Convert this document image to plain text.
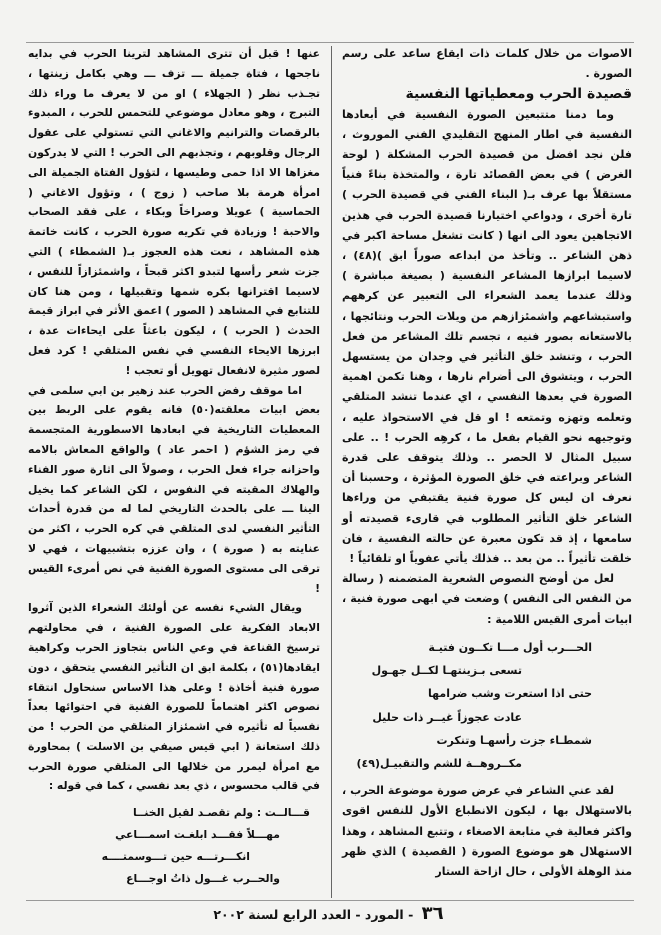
الاصوات من خلال كلمات ذات ايقاع ساعد على رسم الصورة .

قصيدة الحرب ومعطياتها النفسية

وما دمنا متتبعين الصورة النفسية في أبعادها النفسية في اطار المنهج التقليدي الفني الموروث ، فلن نجد افضل من قصيدة الحرب المشكلة ( لوحة الغرض ) في بعض القصائد تارة ، والمتخذة بناءً فنياً مستقلاً بها عرف بـ( البناء الفني في قصيدة الحرب ) تارة أخرى ، ودواعي اختيارنا قصيدة الحرب في هذين الاتجاهين يعود الى انها ( كانت تشغل مساحة اكبر في ذهن الشاعر .. وتأخذ من ابداعه صوراً ابق )(٤٨) ، لاسيما ابرازها المشاعر النفسية ( بصيغة مباشرة ) وذلك عندما يعمد الشعراء الى التعبير عن كرههم واستبشاعهم واشمئزازهم من ويلات الحرب ونتائجها ، بالاستعانه بصور فنيه ، تجسم تلك المشاعر من فعل الحرب ، وتنشد خلق التأثير في وجدان من يستسهل الحرب ، ويتشوق الى أضرام نارها ، وهنا تكمن اهمية الصورة في بعدها النفسي ، اي عندما تنشد المتلقي وتعلمه وتهزه وتمتعه ! او قل في الاستحواذ عليه ، وتوجيهه نحو القيام بفعل ما ، كرهِه الحرب ! .. على سبيل المثال لا الحصر .. وذلك يتوقف على قدرة الشاعر وبراعته في خلق الصورة المؤثرة ، وحسبنا أن نعرف ان ليس كل صورة فنية يقتبفي من وراءها الشاعر خلق التأثير المطلوب في قارىء قصيدته أو سامعها ، إذ قد تكون معبرة عن حالته النفسية ، فان خلقت تأثيراً .. من بعد .. فذلك يأتي عفوياً او تلقائياً !

لعل من أوضح النصوص الشعرية المتضمنه ( رسالة من النفس الى النفس ) وضعت في ابهى صورة فنية ، ابيات أمرى القيس اللامية :

الحـــرب أول مـــا تكــون فتيـة
تسعى بـزينتهـا لكــل جهـول
حتى اذا استعرت وشب ضرامها
عادت عجوزاً غيــر ذات حليل
شمطـاء جزت رأسهـا وتنكرت
مكــروهــة للشم والتقبيـل(٤٩)

لقد عني الشاعر في عرض صورة موضوعة الحرب ، بالاستهلال بها ، ليكون الانطباع الأول للنفس اقوى واكثر فعالية في متابعة الاصغاء ، وتتبع المشاهد ، وهذا الاستهلال هو موضوع الصورة ( القصيدة ) الذي ظهر منذ الوهلة الأولى ، حال ازاحة الستار

عنها ! قبل أن تترى المشاهد لترينا الحرب في بدايه ناجحها ، فتاة جميلة ـــ تزف ـــ وهي بكامل زينتها ، تجـذب نظر ( الجهلاء ) او من لا يعرف ما وراء ذلك التبرج ، وهو معادل موضوعي للتحمس للحرب ، المبدوء بالرقصات والترانيم والاغاني التي تستولي على عقول الرجال وقلوبهم ، وتجذبهم الى الحرب ! التي لا يدركون مغزاها الا اذا حمى وطيسها ، لتؤول الفتاة الجميلة الى امرأة هرمة بلا صاحب ( زوج ) ، وتؤول الاغاني ( الحماسية ) عويلا وصراخاً وبكاء ، على فقد الصحاب والاحبة ! وزيادة في تكريه صورة الحرب ، كانت خاتمة هذه المشاهد ، نعت هذه العجوز بـ( الشمطاء ) التي جزت شعر رأسها لتبدو اكثر قبحاً ، واشمئزازاً للنفس ، لاسيما اقترانها بكره شمها وتقبيلها ، ومن هنا كان للتتابع في المشاهد ( الصور ) اعمق الأثر في ابراز قيمة الحدث ( الحرب ) ، ليكون باعثاً على ايحاءات عدة ، ابرزها الايحاء النفسي في نفس المتلقي ! كرد فعل لصور مثيرة لانفعال تهويل أو تعجب !

اما موقف رفض الحرب عند زهير بن ابي سلمى في بعض ابيات معلقته(٥٠) فانه يقوم على الربط بين المعطيات التاريخية في ابعادها الاسطورية المتجسمة في رمز الشؤم ( احمر عاد ) والواقع المعاش بالامه واحزانه جراء فعل الحرب ، وصولاً الى اثارة صور الفناء والهلاك المقيته في النفوس ، لكن الشاعر كما يخيل الينا ـــ على بالحدث التاريخي لما له من قدرة أحداث التأثير النفسي لدى المتلقي في كره الحرب ، اكثر من عنايته به ( صورة ) ، وان عززه بتشبيهات ، فهي لا ترقى الى مستوى الصورة الفنية في نص أمرىء القيس !

ويقال الشيء نفسه عن أولئك الشعراء الذين آثروا الابعاد الفكرية على الصورة الفنية ، في محاولتهم ترسيخ القناعة في وعي الناس بتجاوز الحرب وكراهية ايقادها(٥١) ، بكلمة ابق ان التأثير النفسي يتحقق ، دون صورة فنية أخاذة ! وعلى هذا الاساس سنحاول انتقاء نصوص اكثر اهتماماً للصورة الفنية في احتوائها بعداً نفسياً له تأثيره في اشمئزاز المتلقي من الحرب ! من ذلك استعانة ( ابي قيس صيفي بن الاسلت ) بمحاورة مع امرأة ليمرر من خلالها الى المتلقي صورة الحرب في قالب محسوس ، ذي بعد نفسي ، كما في قوله :

قـــالــت : ولم تقصـد لقيل الخنــا
مهـــلاً فقـــد ابلغـت اسمـــاعي
انكـــرتـــه حين تـــوسمتــــه
والحــرب غـــول ذاتُ اوجـــاع
٣٦ - المورد - العدد الرابع لسنة ٢٠٠٢
